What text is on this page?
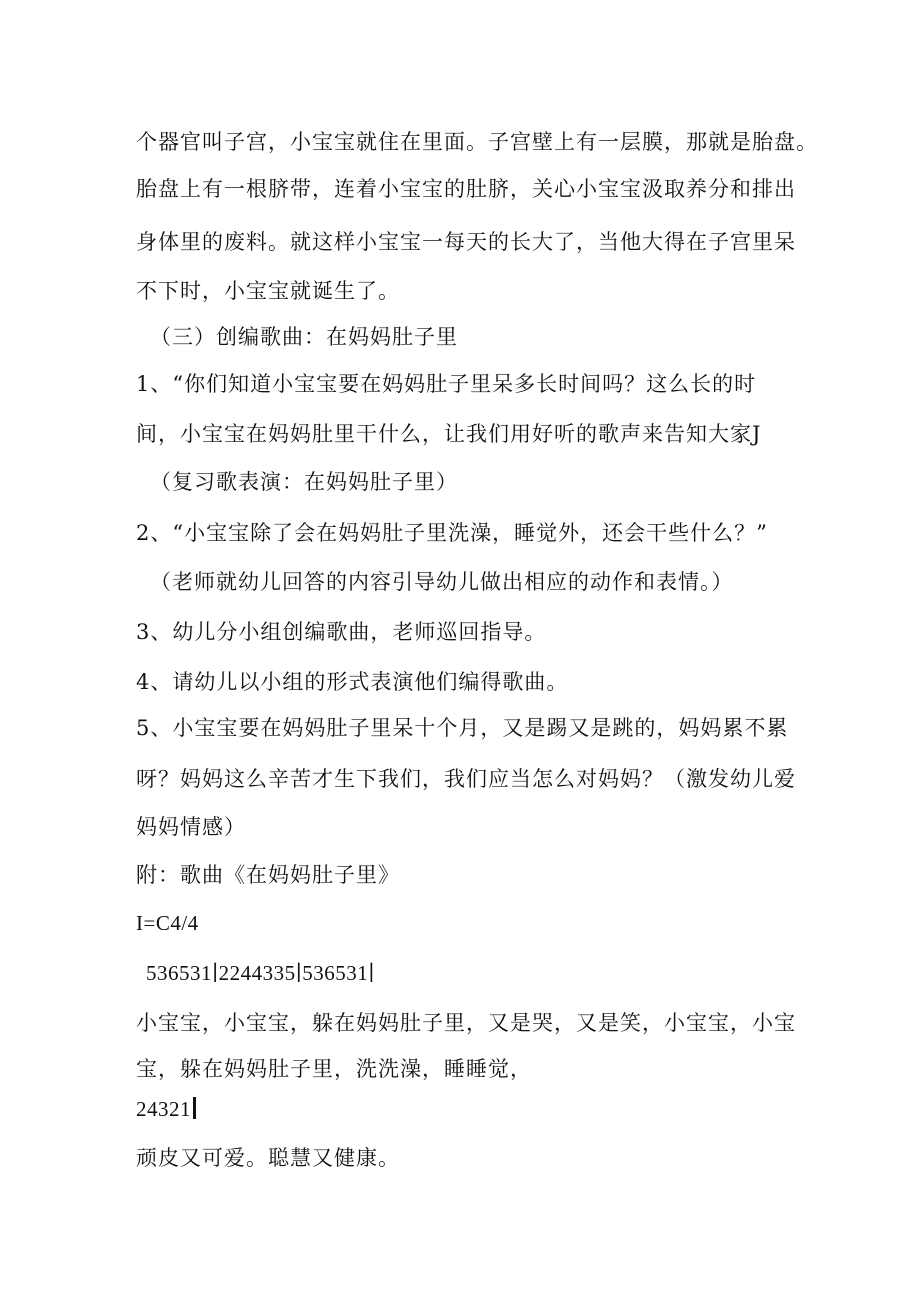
个器官叫子宫，小宝宝就住在里面。子宫壁上有一层膜，那就是胎盘。
胎盘上有一根脐带，连着小宝宝的肚脐，关心小宝宝汲取养分和排出
身体里的废料。就这样小宝宝一每天的长大了，当他大得在子宫里呆
不下时，小宝宝就诞生了。
（三）创编歌曲：在妈妈肚子里
1、“你们知道小宝宝要在妈妈肚子里呆多长时间吗？这么长的时
间，小宝宝在妈妈肚里干什么，让我们用好听的歌声来告知大家J
（复习歌表演：在妈妈肚子里）
2、“小宝宝除了会在妈妈肚子里洗澡，睡觉外，还会干些什么？”
（老师就幼儿回答的内容引导幼儿做出相应的动作和表情。）
3、幼儿分小组创编歌曲，老师巡回指导。
4、请幼儿以小组的形式表演他们编得歌曲。
5、小宝宝要在妈妈肚子里呆十个月，又是踢又是跳的，妈妈累不累
呀？妈妈这么辛苦才生下我们，我们应当怎么对妈妈？（激发幼儿爱
妈妈情感）
附：歌曲《在妈妈肚子里》
I=C4/4
536531∣2244335∣536531∣
小宝宝，小宝宝，躲在妈妈肚子里，又是哭，又是笑，小宝宝，小宝
宝，躲在妈妈肚子里，洗洗澡，睡睡觉，
24321
顽皮又可爱。聪慧又健康。
